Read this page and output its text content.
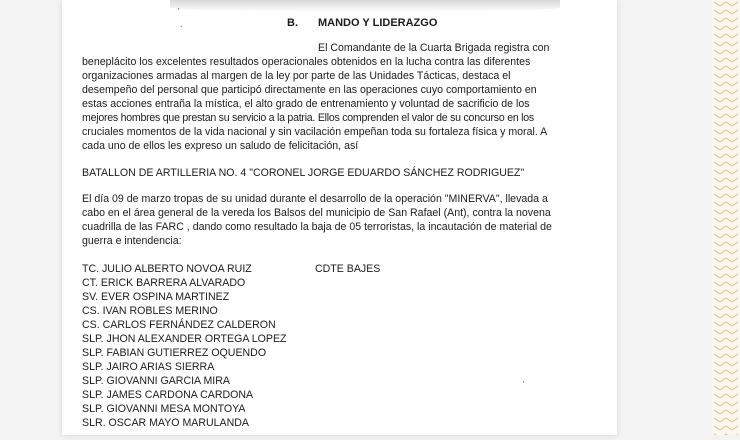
'
·
'
B. MANDO Y LIDERAZGO
El Comandante de la Cuarta Brigada registra con
beneplácito los excelentes resultados operacionales obtenidos en la lucha contra las diferentes
organizaciones armadas al margen de la ley por parte de las Unidades Tácticas, destaca el
desempeño del personal que participó directamente en las operaciones cuyo comportamiento en
estas acciones entraña la mística, el alto grado de entrenamiento y voluntad de sacrificio de los
mejores hombres que prestan su servicio a la patria. Ellos comprenden el valor de su concurso en los
cruciales momentos de la vida nacional y sin vacilación empeñan toda su fortaleza física y moral. A
cada uno de ellos les expreso un saludo de felicitación, así
BATALLON DE ARTILLERIA NO. 4 "CORONEL JORGE EDUARDO SÁNCHEZ RODRIGUEZ"
El día 09 de marzo tropas de su unidad durante el desarrollo de la operación "MINERVA", llevada a
cabo en el área general de la vereda los Balsos del municipio de San Rafael (Ant), contra la novena
cuadrilla de las FARC , dando como resultado la baja de 05 terroristas, la incautación de material de
guerra e intendencia:
TC. JULIO ALBERTO NOVOA RUIZ	CDTE BAJES
CT. ERICK BARRERA ALVARADO
SV. EVER OSPINA MARTINEZ
CS. IVAN ROBLES MERINO
CS. CARLOS FERNÁNDEZ CALDERON
SLP. JHON ALEXANDER ORTEGA LOPEZ
SLP. FABIAN GUTIERREZ OQUENDO
SLP. JAIRO ARIAS SIERRA
SLP. GIOVANNI GARCIA MIRA
SLP. JAMES CARDONA CARDONA
SLP. GIOVANNI MESA MONTOYA
SLR. OSCAR MAYO MARULANDA
